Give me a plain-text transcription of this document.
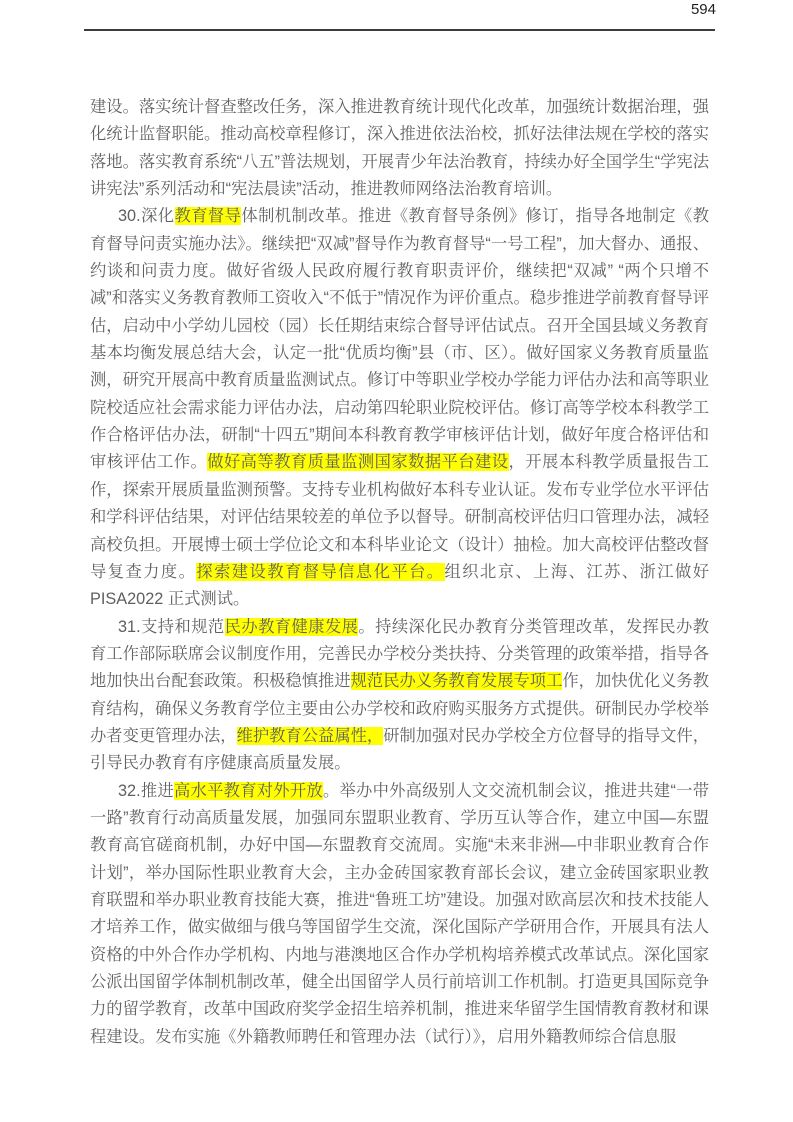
594

建设。落实统计督查整改任务，深入推进教育统计现代化改革，加强统计数据治理，强化统计监督职能。推动高校章程修订，深入推进依法治校，抓好法律法规在学校的落实落地。落实教育系统“八五”普法规划，开展青少年法治教育，持续办好全国学生“学宪法 讲宪法”系列活动和“宪法晨读”活动，推进教师网络法治教育培训。

30.深化教育督导体制机制改革。推进《教育督导条例》修订，指导各地制定《教育督导问责实施办法》。继续把“双减”督导作为教育督导“一号工程”，加大督办、通报、约谈和问责力度。做好省级人民政府履行教育职责评价，继续把“双减” “两个只增不减”和落实义务教育教师工资收入“不低于”情况作为评价重点。稳步推进学前教育督导评估，启动中小学幼儿园校（园）长任期结束综合督导评估试点。召开全国县域义务教育基本均衡发展总结大会，认定一批“优质均衡”县（市、区）。做好国家义务教育质量监测，研究开展高中教育质量监测试点。修订中等职业学校办学能力评估办法和高等职业院校适应社会需求能力评估办法，启动第四轮职业院校评估。修订高等学校本科教学工作合格评估办法，研制“十四五”期间本科教育教学审核评估计划，做好年度合格评估和审核评估工作。做好高等教育质量监测国家数据平台建设，开展本科教学质量报告工作，探索开展质量监测预警。支持专业机构做好本科专业认证。发布专业学位水平评估和学科评估结果，对评估结果较差的单位予以督导。研制高校评估归口管理办法，减轻高校负担。开展博士硕士学位论文和本科毕业论文（设计）抽检。加大高校评估整改督导复查力度。探索建设教育督导信息化平台。组织北京、上海、江苏、浙江做好 PISA2022 正式测试。

31.支持和规范民办教育健康发展。持续深化民办教育分类管理改革，发挥民办教育工作部际联席会议制度作用，完善民办学校分类扶持、分类管理的政策举措，指导各地加快出台配套政策。积极稳慎推进规范民办义务教育发展专项工作，加快优化义务教育结构，确保义务教育学位主要由公办学校和政府购买服务方式提供。研制民办学校举办者变更管理办法，维护教育公益属性，研制加强对民办学校全方位督导的指导文件，引导民办教育有序健康高质量发展。

32.推进高水平教育对外开放。举办中外高级别人文交流机制会议，推进共建“一带一路”教育行动高质量发展，加强同东盟职业教育、学历互认等合作，建立中国—东盟教育高官磋商机制，办好中国—东盟教育交流周。实施“未来非洲—中非职业教育合作计划”，举办国际性职业教育大会，主办金砖国家教育部长会议，建立金砖国家职业教育联盟和举办职业教育技能大赛，推进“鲁班工坊”建设。加强对欧高层次和技术技能人才培养工作，做实做细与俄乌等国留学生交流，深化国际产学研用合作，开展具有法人资格的中外合作办学机构、内地与港澳地区合作办学机构培养模式改革试点。深化国家公派出国留学体制机制改革，健全出国留学人员行前培训工作机制。打造更具国际竞争力的留学教育，改革中国政府奖学金招生培养机制，推进来华留学生国情教育教材和课程建设。发布实施《外籍教师聘任和管理办法（试行）》，启用外籍教师综合信息服
